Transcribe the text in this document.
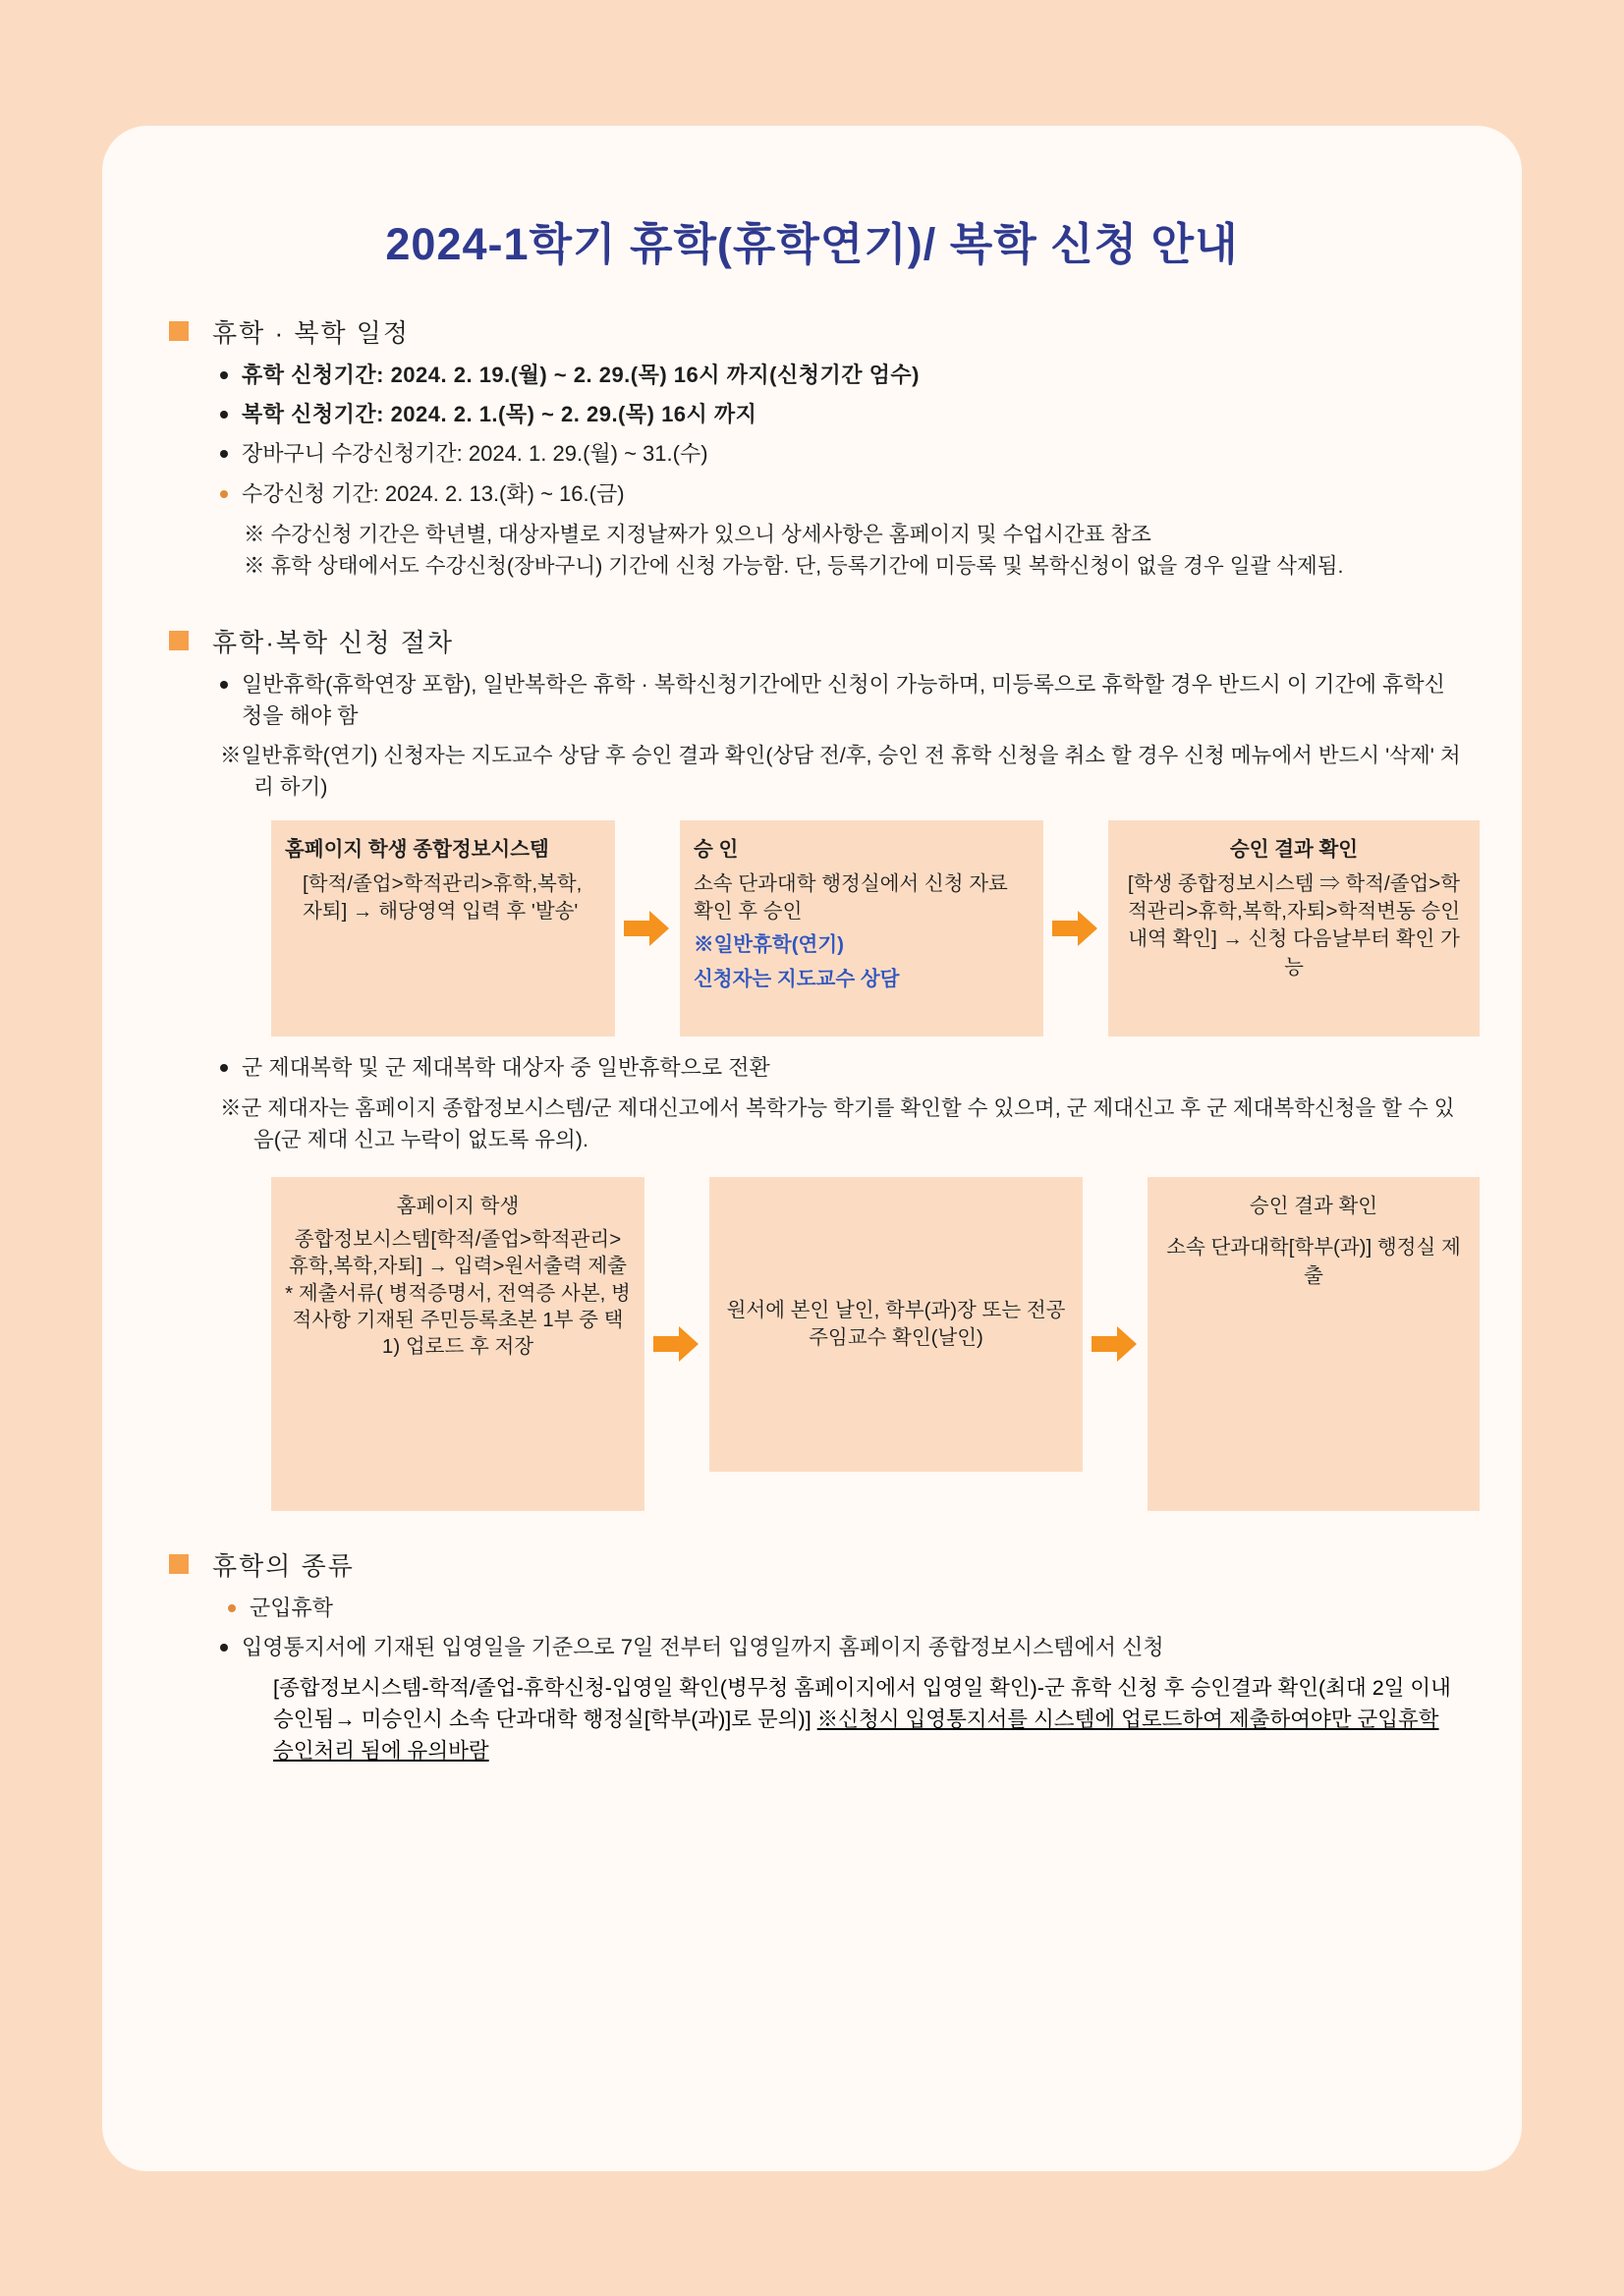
2024-1학기 휴학(휴학연기)/ 복학 신청 안내
휴학 · 복학 일정
휴학 신청기간: 2024. 2. 19.(월) ~ 2. 29.(목) 16시 까지(신청기간 엄수)
복학 신청기간: 2024. 2. 1.(목) ~ 2. 29.(목) 16시 까지
장바구니 수강신청기간: 2024. 1. 29.(월) ~ 31.(수)
수강신청 기간: 2024. 2. 13.(화) ~ 16.(금)
※ 수강신청 기간은 학년별, 대상자별로 지정날짜가 있으니 상세사항은 홈페이지 및 수업시간표 참조
※ 휴학 상태에서도 수강신청(장바구니) 기간에 신청 가능함. 단, 등록기간에 미등록 및 복학신청이 없을 경우 일괄 삭제됨.
휴학·복학 신청 절차
일반휴학(휴학연장 포함), 일반복학은 휴학 · 복학신청기간에만 신청이 가능하며, 미등록으로 휴학할 경우 반드시 이 기간에 휴학신청을 해야 함
※일반휴학(연기) 신청자는 지도교수 상담 후 승인 결과 확인(상담 전/후, 승인 전 휴학 신청을 취소 할 경우 신청 메뉴에서 반드시 '삭제' 처리 하기)
홈페이지 학생 종합정보시스템
[학적/졸업>학적관리>휴학,복학,자퇴] → 해당영역 입력 후 '발송'
승 인
소속 단과대학 행정실에서 신청 자료 확인 후 승인
※일반휴학(연기)
신청자는 지도교수 상담
승인 결과 확인
[학생 종합정보시스템 ⇒ 학적/졸업>학적관리>휴학,복학,자퇴>학적변동 승인내역 확인] → 신청 다음날부터 확인 가능
군 제대복학 및 군 제대복학 대상자 중 일반휴학으로 전환
※군 제대자는 홈페이지 종합정보시스템/군 제대신고에서 복학가능 학기를 확인할 수 있으며, 군 제대신고 후 군 제대복학신청을 할 수 있음(군 제대 신고 누락이 없도록 유의).
홈페이지 학생
종합정보시스템[학적/졸업>학적관리>휴학,복학,자퇴] → 입력>원서출력 제출 * 제출서류( 병적증명서, 전역증 사본, 병적사항 기재된 주민등록초본 1부 중 택1) 업로드 후 저장
원서에 본인 날인, 학부(과)장 또는 전공주임교수 확인(날인)
승인 결과 확인
소속 단과대학[학부(과)] 행정실 제출
휴학의 종류
군입휴학
입영통지서에 기재된 입영일을 기준으로 7일 전부터 입영일까지 홈페이지 종합정보시스템에서 신청
[종합정보시스템-학적/졸업-휴학신청-입영일 확인(병무청 홈페이지에서 입영일 확인)-군 휴학 신청 후 승인결과 확인(최대 2일 이내 승인됨→ 미승인시 소속 단과대학 행정실[학부(과)]로 문의)] ※신청시 입영통지서를 시스템에 업로드하여 제출하여야만 군입휴학 승인처리 됨에 유의바람
